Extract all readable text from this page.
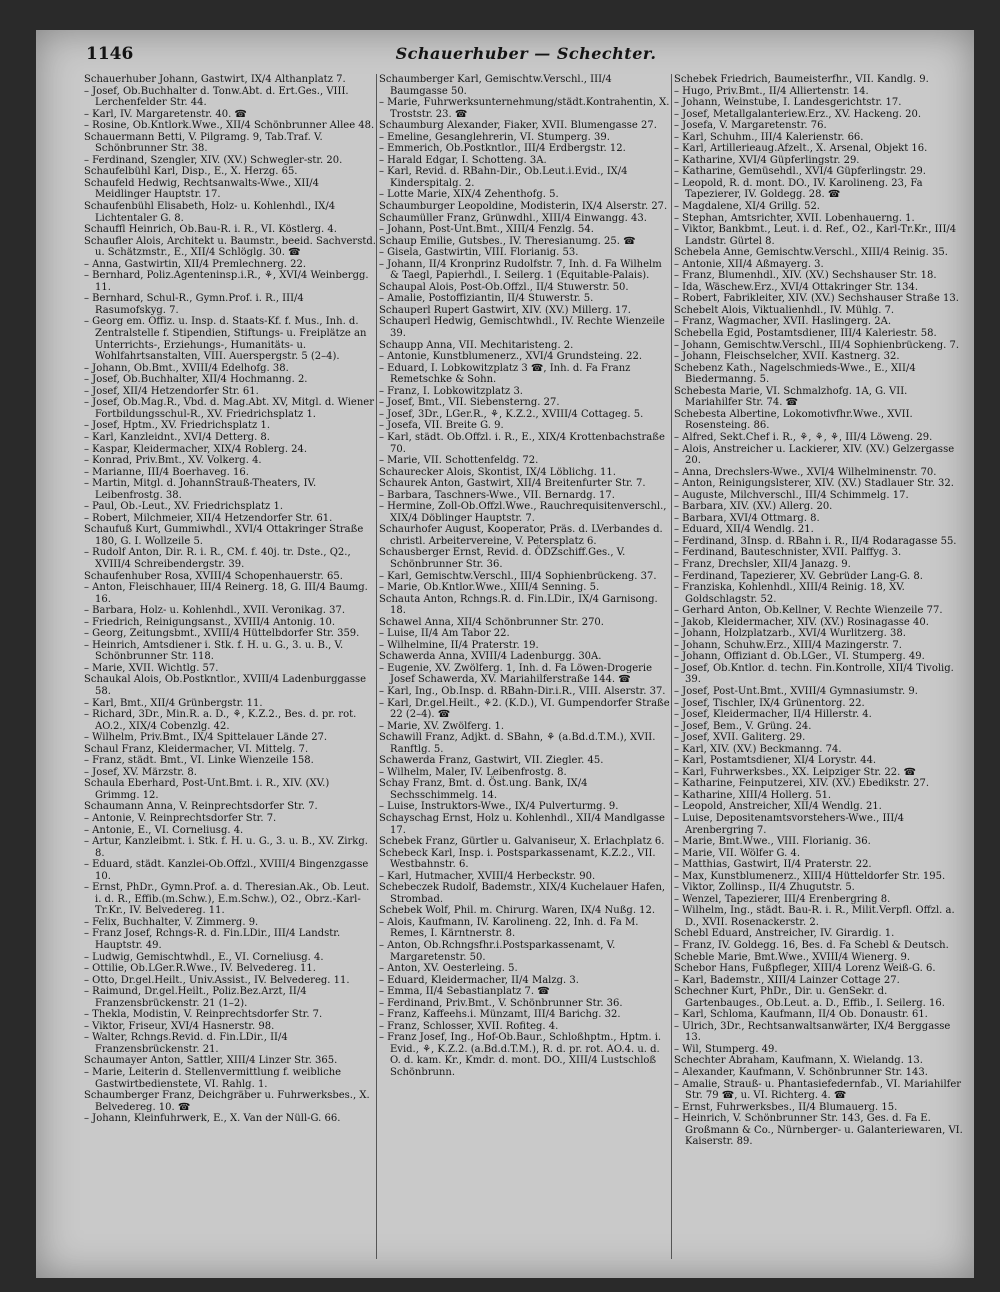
1146	Schauerhuber — Schechter.
Schauerhuber Johann, Gastwirt, IX/4 Althanplatz 7.
– Josef, Ob.Buchhalter d. Tonw.Abt. d. Ert.Ges., VIII. Lerchenfelder Str. 44.
– Karl, IV. Margaretenstr. 40. ☎
– Rosine, Ob.Kntlork.Wwe., XII/4 Schönbrunner Allee 48.
Schauermann Betti, V. Pilgramg. 9, Tab.Traf. V. Schönbrunner Str. 38.
– Ferdinand, Szengler, XIV. (XV.) Schwegler-str. 20.
Schaufelbühl Karl, Disp., E., X. Herzg. 65.
Schaufeld Hedwig, Rechtsanwalts-Wwe., XII/4 Meidlinger Hauptstr. 17.
Schaufenbühl Elisabeth, Holz- u. Kohlenhdl., IX/4 Lichtentaler G. 8.
Schauffl Heinrich, Ob.Bau-R. i. R., VI. Köstlerg. 4.
Schaufler Alois, Architekt u. Baumstr., beeid. Sachverstd. u. Schätzmstr., E., XII/4 Schlöglg. 30. ☎
– Anna, Gastwirtin, XII/4 Premlechnerg. 22.
– Bernhard, Poliz.Agenteninsp.i.R., ⚘, XVI/4 Weinbergg. 11.
– Bernhard, Schul-R., Gymn.Prof. i. R., III/4 Rasumofskyg. 7.
– Georg em. Offiz. u. Insp. d. Staats-Kf. f. Mus., Inh. d. Zentralstelle f. Stipendien, Stiftungs- u. Freiplätze an Unterrichts-, Erziehungs-, Humanitäts- u. Wohlfahrtsanstalten, VIII. Auerspergstr. 5 (2–4).
– Johann, Ob.Bmt., XVIII/4 Edelhofg. 38.
– Josef, Ob.Buchhalter, XII/4 Hochmanng. 2.
– Josef, XII/4 Hetzendorfer Str. 61.
– Josef, Ob.Mag.R., Vbd. d. Mag.Abt. XV, Mitgl. d. Wiener Fortbildungsschul-R., XV. Friedrichsplatz 1.
– Josef, Hptm., XV. Friedrichsplatz 1.
– Karl, Kanzleidnt., XVI/4 Detterg. 8.
– Kaspar, Kleidermacher, XIX/4 Roblerg. 24.
– Konrad, Priv.Bmt., XV. Volkerg. 4.
– Marianne, III/4 Boerhaveg. 16.
– Martin, Mitgl. d. JohannStrauß-Theaters, IV. Leibenfrostg. 38.
– Paul, Ob.-Leut., XV. Friedrichsplatz 1.
– Robert, Milchmeier, XII/4 Hetzendorfer Str. 61.
Schaufuß Kurt, Gummiwhdl., XVI/4 Ottakringer Straße 180, G. I. Wollzeile 5.
– Rudolf Anton, Dir. R. i. R., CM. f. 40j. tr. Dste., Q2., XVIII/4 Schreibendergstr. 39.
Schaufenhuber Rosa, XVIII/4 Schopenhauerstr. 65.
– Anton, Fleischhauer, III/4 Reinerg. 18, G. III/4 Baumg. 16.
– Barbara, Holz- u. Kohlenhdl., XVII. Veronikag. 37.
– Friedrich, Reinigungsanst., XVIII/4 Antonig. 10.
– Georg, Zeitungsbmt., XVIII/4 Hüttelbdorfer Str. 359.
– Heinrich, Amtsdiener i. Stk. f. H. u. G., 3. u. B., V. Schönbrunner Str. 118.
– Marie, XVII. Wichtlg. 57.
Schaukal Alois, Ob.Postkntlor., XVIII/4 Ladenburggasse 58.
– Karl, Bmt., XII/4 Grünbergstr. 11.
– Richard, 3Dr., Min.R. a. D., ⚘, K.Z.2., Bes. d. pr. rot. AO.2., XIX/4 Cobenzlg. 42.
– Wilhelm, Priv.Bmt., IX/4 Spittelauer Lände 27.
Schaul Franz, Kleidermacher, VI. Mittelg. 7.
– Franz, städt. Bmt., VI. Linke Wienzeile 158.
– Josef, XV. Märzstr. 8.
Schaula Eberhard, Post-Unt.Bmt. i. R., XIV. (XV.) Grimmg. 12.
Schaumann Anna, V. Reinprechtsdorfer Str. 7.
– Antonie, V. Reinprechtsdorfer Str. 7.
– Antonie, E., VI. Corneliusg. 4.
– Artur, Kanzleibmt. i. Stk. f. H. u. G., 3. u. B., XV. Zirkg. 8.
– Eduard, städt. Kanzlei-Ob.Offzl., XVIII/4 Bingenzgasse 10.
– Ernst, PhDr., Gymn.Prof. a. d. Theresian.Ak., Ob. Leut. i. d. R., Effib.(m.Schw.), E.m.Schw.), O2., Obrz.-Karl-Tr.Kr., IV. Belvedereg. 11.
– Felix, Buchhalter, V. Zimmerg. 9.
– Franz Josef, Rchngs-R. d. Fin.LDir., III/4 Landstr. Hauptstr. 49.
– Ludwig, Gemischtwhdl., E., VI. Corneliusg. 4.
– Ottilie, Ob.LGer.R.Wwe., IV. Belvedereg. 11.
– Otto, Dr.gel.Heilt., Univ.Assist., IV. Belvedereg. 11.
– Raimund, Dr.gel.Heilt., Poliz.Bez.Arzt, II/4 Franzensbrückenstr. 21 (1–2).
– Thekla, Modistin, V. Reinprechtsdorfer Str. 7.
– Viktor, Friseur, XVI/4 Hasnerstr. 98.
– Walter, Rchngs.Revid. d. Fin.LDir., II/4 Franzensbrückenstr. 21.
Schaumayer Anton, Sattler, XIII/4 Linzer Str. 365.
– Marie, Leiterin d. Stellenvermittlung f. weibliche Gastwirtbedienstete, VI. Rahlg. 1.
Schaumberger Franz, Deichgräber u. Fuhrwerksbes., X. Belvedereg. 10. ☎
– Johann, Kleinfuhrwerk, E., X. Van der Nüll-G. 66.
Schaumberger Karl, Gemischtw.Verschl., III/4 Baumgasse 50.
– Marie, Fuhrwerksunternehmung/städt.Kontrahentin, X. Troststr. 23. ☎
Schaumburg Alexander, Fiaker, XVII. Blumengasse 27.
– Emeline, Gesanglehrerin, VI. Stumperg. 39.
– Emmerich, Ob.Postkntlor., III/4 Erdbergstr. 12.
– Harald Edgar, I. Schotteng. 3A.
– Karl, Revid. d. RBahn-Dir., Ob.Leut.i.Evid., IX/4 Kinderspitalg. 2.
– Lotte Marie, XIX/4 Zehenthofg. 5.
Schaumburger Leopoldine, Modisterin, IX/4 Alserstr. 27.
Schaumüller Franz, Grünwdhl., XIII/4 Einwangg. 43.
– Johann, Post-Unt.Bmt., XIII/4 Fenzlg. 54.
Schaup Emilie, Gutsbes., IV. Theresianumg. 25. ☎
– Gisela, Gastwirtin, VIII. Florianig. 53.
– Johann, II/4 Kronprinz Rudolfstr. 7, Inh. d. Fa Wilhelm & Taegl, Papierhdl., I. Seilerg. 1 (Equitable-Palais).
Schaupal Alois, Post-Ob.Offzl., II/4 Stuwerstr. 50.
– Amalie, Postoffiziantin, II/4 Stuwerstr. 5.
Schauperl Rupert Gastwirt, XIV. (XV.) Millerg. 17.
Schauperl Hedwig, Gemischtwhdl., IV. Rechte Wienzeile 39.
Schaupp Anna, VII. Mechitaristeng. 2.
– Antonie, Kunstblumenerz., XVI/4 Grundsteing. 22.
– Eduard, I. Lobkowitzplatz 3 ☎, Inh. d. Fa Franz Remetschke & Sohn.
– Franz, I. Lobkowitzplatz 3.
– Josef, Bmt., VII. Siebensterng. 27.
– Josef, 3Dr., LGer.R., ⚘, K.Z.2., XVIII/4 Cottageg. 5.
– Josefa, VII. Breite G. 9.
– Karl, städt. Ob.Offzl. i. R., E., XIX/4 Krottenbachstraße 70.
– Marie, VII. Schottenfeldg. 72.
Schaurecker Alois, Skontist, IX/4 Löblichg. 11.
Schaurek Anton, Gastwirt, XII/4 Breitenfurter Str. 7.
– Barbara, Taschners-Wwe., VII. Bernardg. 17.
– Hermine, Zoll-Ob.Offzl.Wwe., Rauchrequisitenverschl., XIX/4 Döblinger Hauptstr. 7.
Schaurhofer August, Kooperator, Präs. d. LVerbandes d. christl. Arbeitervereine, V. Petersplatz 6.
Schausberger Ernst, Revid. d. ÖDZschiff.Ges., V. Schönbrunner Str. 36.
– Karl, Gemischtw.Verschl., III/4 Sophienbrückeng. 37.
– Marie, Ob.Kntlor.Wwe., XIII/4 Senning. 5.
Schauta Anton, Rchngs.R. d. Fin.LDir., IX/4 Garnisong. 18.
Schawel Anna, XII/4 Schönbrunner Str. 270.
– Luise, II/4 Am Tabor 22.
– Wilhelmine, II/4 Praterstr. 19.
Schawerda Anna, XVIII/4 Ladenburgg. 30A.
– Eugenie, XV. Zwölferg. 1, Inh. d. Fa Löwen-Drogerie Josef Schawerda, XV. Mariahilferstraße 144. ☎
– Karl, Ing., Ob.Insp. d. RBahn-Dir.i.R., VIII. Alserstr. 37.
– Karl, Dr.gel.Heilt., ⚘2. (K.D.), VI. Gumpendorfer Straße 22 (2–4). ☎
– Marie, XV. Zwölferg. 1.
Schawill Franz, Adjkt. d. SBahn, ⚘ (a.Bd.d.T.M.), XVII. Ranftlg. 5.
Schawerda Franz, Gastwirt, VII. Ziegler. 45.
– Wilhelm, Maler, IV. Leibenfrostg. 8.
Schay Franz, Bmt. d. Öst.ung. Bank, IX/4 Sechsschimmelg. 14.
– Luise, Instruktors-Wwe., IX/4 Pulverturmg. 9.
Schayschag Ernst, Holz u. Kohlenhdl., XII/4 Mandlgasse 17.
Schebek Franz, Gürtler u. Galvaniseur, X. Erlachplatz 6.
Schebeck Karl, Insp. i. Postsparkassenamt, K.Z.2., VII. Westbahnstr. 6.
– Karl, Hutmacher, XVIII/4 Herbeckstr. 90.
Schebeczek Rudolf, Bademstr., XIX/4 Kuchelauer Hafen, Strombad.
Schebek Wolf, Phil. m. Chirurg. Waren, IX/4 Nußg. 12.
– Alois, Kaufmann, IV. Karolineng. 22, Inh. d. Fa M. Remes, I. Kärntnerstr. 8.
– Anton, Ob.Rchngsfhr.i.Postsparkassenamt, V. Margaretenstr. 50.
– Anton, XV. Oesterleing. 5.
– Eduard, Kleidermacher, II/4 Malzg. 3.
– Emma, II/4 Sebastianplatz 7. ☎
– Ferdinand, Priv.Bmt., V. Schönbrunner Str. 36.
– Franz, Kaffeehs.i. Münzamt, III/4 Barichg. 32.
– Franz, Schlosser, XVII. Rofiteg. 4.
– Franz Josef, Ing., Hof-Ob.Baur., Schloßhptm., Hptm. i. Evid., ⚘, K.Z.2. (a.Bd.d.T.M.), R. d. pr. rot. AO.4. u. d. O. d. kam. Kr., Kmdr. d. mont. DO., XIII/4 Lustschloß Schönbrunn.
Schebek Friedrich, Baumeisterfhr., VII. Kandlg. 9.
– Hugo, Priv.Bmt., II/4 Alliertenstr. 14.
– Johann, Weinstube, I. Landesgerichtstr. 17.
– Josef, Metallgalanteriew.Erz., XV. Hackeng. 20.
– Josefa, V. Margaretenstr. 76.
– Karl, Schuhm., III/4 Kalerienstr. 66.
– Karl, Artillerieaug.Afzelt., X. Arsenal, Objekt 16.
– Katharine, XVI/4 Güpferlingstr. 29.
– Katharine, Gemüsehdl., XVI/4 Güpferlingstr. 29.
– Leopold, R. d. mont. DO., IV. Karolineng. 23, Fa Tapezierer, IV. Goldegg. 28. ☎
– Magdalene, XI/4 Grillg. 52.
– Stephan, Amtsrichter, XVII. Lobenhauerng. 1.
– Viktor, Bankbmt., Leut. i. d. Ref., O2., Karl-Tr.Kr., III/4 Landstr. Gürtel 8.
Schebela Anne, Gemischtw.Verschl., XIII/4 Reinig. 35.
– Antonie, XII/4 Aßmayerg. 3.
– Franz, Blumenhdl., XIV. (XV.) Sechshauser Str. 18.
– Ida, Wäschew.Erz., XVI/4 Ottakringer Str. 134.
– Robert, Fabrikleiter, XIV. (XV.) Sechshauser Straße 13.
Schebelt Alois, Viktualienhdl., IV. Mühlg. 7.
– Franz, Wagmacher, XVII. Haslingerg. 2A.
Schebella Egid, Postamtsdiener, III/4 Kaleriestr. 58.
– Johann, Gemischtw.Verschl., III/4 Sophienbrückeng. 7.
– Johann, Fleischselcher, XVII. Kastnerg. 32.
Schebenz Kath., Nagelschmieds-Wwe., E., XII/4 Biedermanng. 5.
Schebesta Marie, VI. Schmalzhofg. 1A, G. VII. Mariahilfer Str. 74. ☎
Schebesta Albertine, Lokomotivfhr.Wwe., XVII. Rosensteing. 86.
– Alfred, Sekt.Chef i. R., ⚘, ⚘, ⚘, III/4 Löweng. 29.
– Alois, Anstreicher u. Lackierer, XIV. (XV.) Gelzergasse 20.
– Anna, Drechslers-Wwe., XVI/4 Wilhelminenstr. 70.
– Anton, Reinigungslsterer, XIV. (XV.) Stadlauer Str. 32.
– Auguste, Milchverschl., III/4 Schimmelg. 17.
– Barbara, XIV. (XV.) Allerg. 20.
– Barbara, XVI/4 Ottmarg. 8.
– Eduard, XII/4 Wendlg. 21.
– Ferdinand, 3Insp. d. RBahn i. R., II/4 Rodaragasse 55.
– Ferdinand, Bauteschnister, XVII. Palffyg. 3.
– Franz, Drechsler, XII/4 Janazg. 9.
– Ferdinand, Tapezierer, XV. Gebrüder Lang-G. 8.
– Franziska, Kohlenhdl., XIII/4 Reinig. 18, XV. Goldschlagstr. 52.
– Gerhard Anton, Ob.Kellner, V. Rechte Wienzeile 77.
– Jakob, Kleidermacher, XIV. (XV.) Rosinagasse 40.
– Johann, Holzplatzarb., XVI/4 Wurlitzerg. 38.
– Johann, Schuhw.Erz., XIII/4 Mazingerstr. 7.
– Johann, Offiziant d. Ob.LGer., VI. Stumperg. 49.
– Josef, Ob.Kntlor. d. techn. Fin.Kontrolle, XII/4 Tivolig. 39.
– Josef, Post-Unt.Bmt., XVIII/4 Gymnasiumstr. 9.
– Josef, Tischler, IX/4 Grünentorg. 22.
– Josef, Kleidermacher, II/4 Hillerstr. 4.
– Josef, Bem., V. Grüng. 24.
– Josef, XVII. Galiterg. 29.
– Karl, XIV. (XV.) Beckmanng. 74.
– Karl, Postamtsdiener, XI/4 Lorystr. 44.
– Karl, Fuhrwerksbes., XX. Leipziger Str. 22. ☎
– Katharine, Feinputzerei, XIV. (XV.) Ebedikstr. 27.
– Katharine, XIII/4 Hollerg. 51.
– Leopold, Anstreicher, XII/4 Wendlg. 21.
– Luise, Depositenamtsvorstehers-Wwe., III/4 Arenbergring 7.
– Marie, Bmt.Wwe., VIII. Florianig. 36.
– Marie, VII. Wölfer G. 4.
– Matthias, Gastwirt, II/4 Praterstr. 22.
– Max, Kunstblumenerz., XIII/4 Hütteldorfer Str. 195.
– Viktor, Zollinsp., II/4 Zhugutstr. 5.
– Wenzel, Tapezierer, III/4 Erenbergring 8.
– Wilhelm, Ing., städt. Bau-R. i. R., Milit.Verpfl. Offzl. a. D., XVII. Rosenackerstr. 2.
Schebl Eduard, Anstreicher, IV. Girardig. 1.
– Franz, IV. Goldegg. 16, Bes. d. Fa Schebl & Deutsch.
Scheble Marie, Bmt.Wwe., XVIII/4 Wienerg. 9.
Schebor Hans, Fußpfleger, XIII/4 Lorenz Weiß-G. 6.
– Karl, Bademstr., XIII/4 Lainzer Cottage 27.
Schechner Kurt, PhDr., Dir. u. GenSekr. d. Gartenbauges., Ob.Leut. a. D., Effib., I. Seilerg. 16.
– Karl, Schloma, Kaufmann, II/4 Ob. Donaustr. 61.
– Ulrich, 3Dr., Rechtsanwaltsanwärter, IX/4 Berggasse 13.
– Wil, Stumperg. 49.
Schechter Abraham, Kaufmann, X. Wielandg. 13.
– Alexander, Kaufmann, V. Schönbrunner Str. 143.
– Amalie, Strauß- u. Phantasiefedernfab., VI. Mariahilfer Str. 79 ☎, u. VI. Richterg. 4. ☎
– Ernst, Fuhrwerksbes., II/4 Blumauerg. 15.
– Heinrich, V. Schönbrunner Str. 143, Ges. d. Fa E. Großmann & Co., Nürnberger- u. Galanteriewaren, VI. Kaiserstr. 89.
